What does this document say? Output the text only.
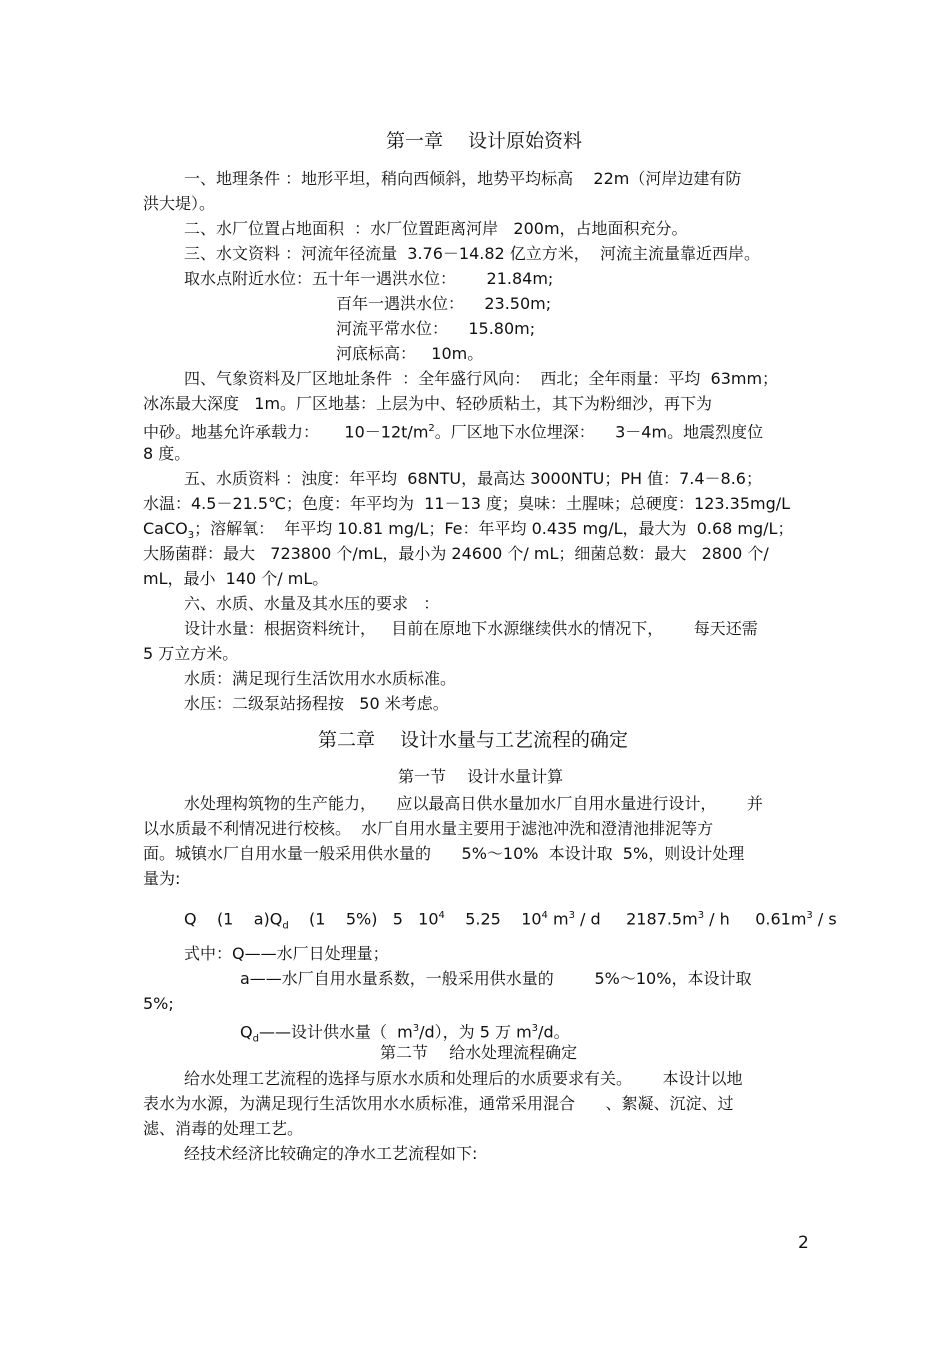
第一章　 设计原始资料
一、地理条件 ：地形平坦，稍向西倾斜，地势平均标高    22m（河岸边建有防
洪大堤）。
二、水厂位置占地面积  ：水厂位置距离河岸   200m，占地面积充分。
三、水文资料 ：河流年径流量  3.76－14.82 亿立方米，  河流主流量靠近西岸。
取水点附近水位：五十年一遇洪水位：      21.84m;
百年一遇洪水位：    23.50m;
河流平常水位：    15.80m;
河底标高：   10m。
四、气象资料及厂区地址条件  ：全年盛行风向：  西北；全年雨量：平均  63mm；
冰冻最大深度   1m。厂区地基：上层为中、轻砂质粘土，其下为粉细沙，再下为
中砂。地基允许承载力：     $10-12t/m^2$。厂区地下水位埋深：    3－4m。地震烈度位
8 度。
五、水质资料 ：浊度：年平均  68NTU，最高达 3000NTU；PH 值：7.4－8.6；
水温：4.5－21.5℃；色度：年平均为  11－13 度；臭味：土腥味；总硬度：123.35mg/L
CaCO$_3$；溶解氧：  年平均 10.81 mg/L；Fe：年平均 0.435 mg/L，最大为  0.68 mg/L；
大肠菌群：最大   723800 个/mL，最小为 24600 个/ mL；细菌总数：最大   2800 个/
mL，最小  140 个/ mL。
六、水质、水量及其水压的要求   ：
设计水量：根据资料统计，   目前在原地下水源继续供水的情况下，      每天还需
5 万立方米。
水质：满足现行生活饮用水水质标准。
水压：二级泵站扬程按   50 米考虑。
第二章　 设计水量与工艺流程的确定
第一节　 设计水量计算
水处理构筑物的生产能力，    应以最高日供水量加水厂自用水量进行设计，      并
以水质最不利情况进行校核。  水厂自用水量主要用于滤池冲洗和澄清池排泥等方
面。城镇水厂自用水量一般采用供水量的      5%～10%  本设计取  5%，则设计处理
量为:
Q    (1    $a)Q_d$    (1    5%)   5   $10^4$    5.25    $10^4$ $m^3$ / d     $2187.5m^3$ / h     $0.61m^3$ / s
式中：Q——水厂日处理量；
a——水厂自用水量系数，一般采用供水量的        5%～10%，本设计取
5%;
$Q_d——$设计供水量（  $m^3/d$），为 5 万 $m^3/d$。
第二节　 给水处理流程确定
给水处理工艺流程的选择与原水水质和处理后的水质要求有关。      本设计以地
表水为水源，为满足现行生活饮用水水质标准，通常采用混合      、絮凝、沉淀、过
滤、消毒的处理工艺。
经技术经济比较确定的净水工艺流程如下:
2
